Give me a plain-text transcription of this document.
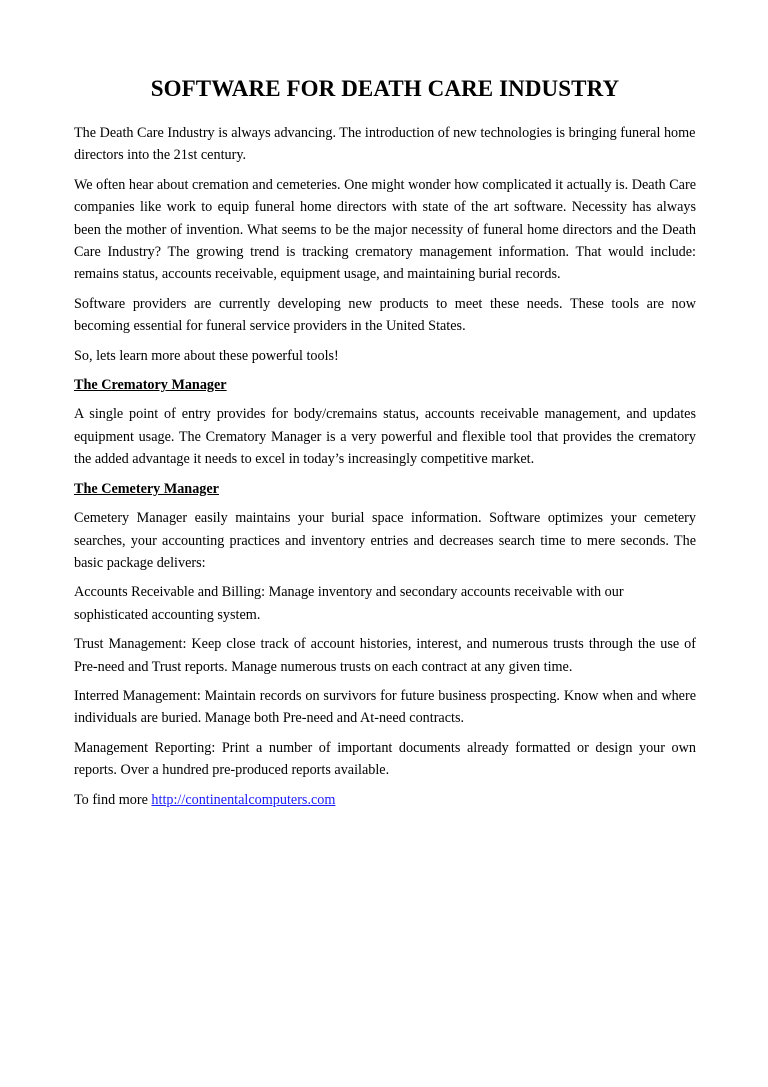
SOFTWARE FOR DEATH CARE INDUSTRY

The Death Care Industry is always advancing. The introduction of new technologies is bringing funeral home directors into the 21st century.

We often hear about cremation and cemeteries. One might wonder how complicated it actually is. Death Care companies like work to equip funeral home directors with state of the art software. Necessity has always been the mother of invention. What seems to be the major necessity of funeral home directors and the Death Care Industry? The growing trend is tracking crematory management information. That would include: remains status, accounts receivable, equipment usage, and maintaining burial records.

Software providers are currently developing new products to meet these needs. These tools are now becoming essential for funeral service providers in the United States.

So, lets learn more about these powerful tools!

The Crematory Manager

A single point of entry provides for body/cremains status, accounts receivable management, and updates equipment usage. The Crematory Manager is a very powerful and flexible tool that provides the crematory the added advantage it needs to excel in today’s increasingly competitive market.

The Cemetery Manager

Cemetery Manager easily maintains your burial space information. Software optimizes your cemetery searches, your accounting practices and inventory entries and decreases search time to mere seconds. The basic package delivers:

Accounts Receivable and Billing: Manage inventory and secondary accounts receivable with our sophisticated accounting system.

Trust Management: Keep close track of account histories, interest, and numerous trusts through the use of Pre-need and Trust reports. Manage numerous trusts on each contract at any given time.

Interred Management: Maintain records on survivors for future business prospecting. Know when and where individuals are buried. Manage both Pre-need and At-need contracts.

Management Reporting: Print a number of important documents already formatted or design your own reports. Over a hundred pre-produced reports available.

To find more http://continentalcomputers.com
